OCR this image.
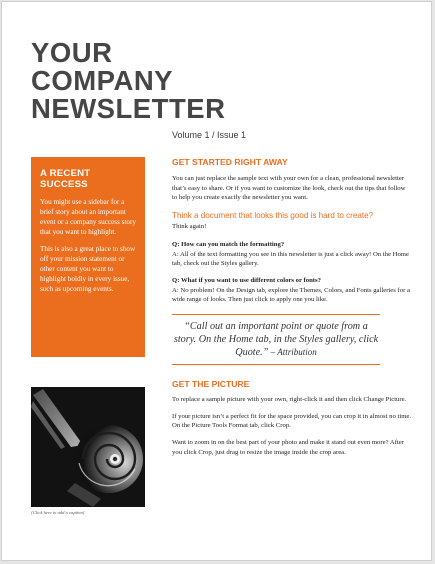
YOUR
COMPANY
NEWSLETTER
Volume 1 / Issue 1
A RECENT SUCCESS

You might use a sidebar for a brief story about an important event or a company success story that you want to highlight.

This is also a great place to show off your mission statement or other content you want to highlight boldly in every issue, such as upcoming events.

GET STARTED RIGHT AWAY

You can just replace the sample text with your own for a clean, professional newsletter that’s easy to share. Or if you want to customize the look, check out the tips that follow to help you create exactly the newsletter you want.

Think a document that looks this good is hard to create?

Think again!

Q: How can you match the formatting?

A: All of the text formatting you see in this newsletter is just a click away! On the Home tab, check out the Styles gallery.

Q: What if you want to use different colors or fonts?

A: No problem! On the Design tab, explore the Themes, Colors, and Fonts galleries for a wide range of looks. Then just click to apply one you like.

“Call out an important point or quote from a story. On the Home tab, in the Styles gallery, click Quote.” – Attribution
GET THE PICTURE

To replace a sample picture with your own, right-click it and then click Change Picture.

If your picture isn’t a perfect fit for the space provided, you can crop it in almost no time. On the Picture Tools Format tab, click Crop.

Want to zoom in on the best part of your photo and make it stand out even more? After you click Crop, just drag to resize the image inside the crop area.

[Click here to add a caption]
